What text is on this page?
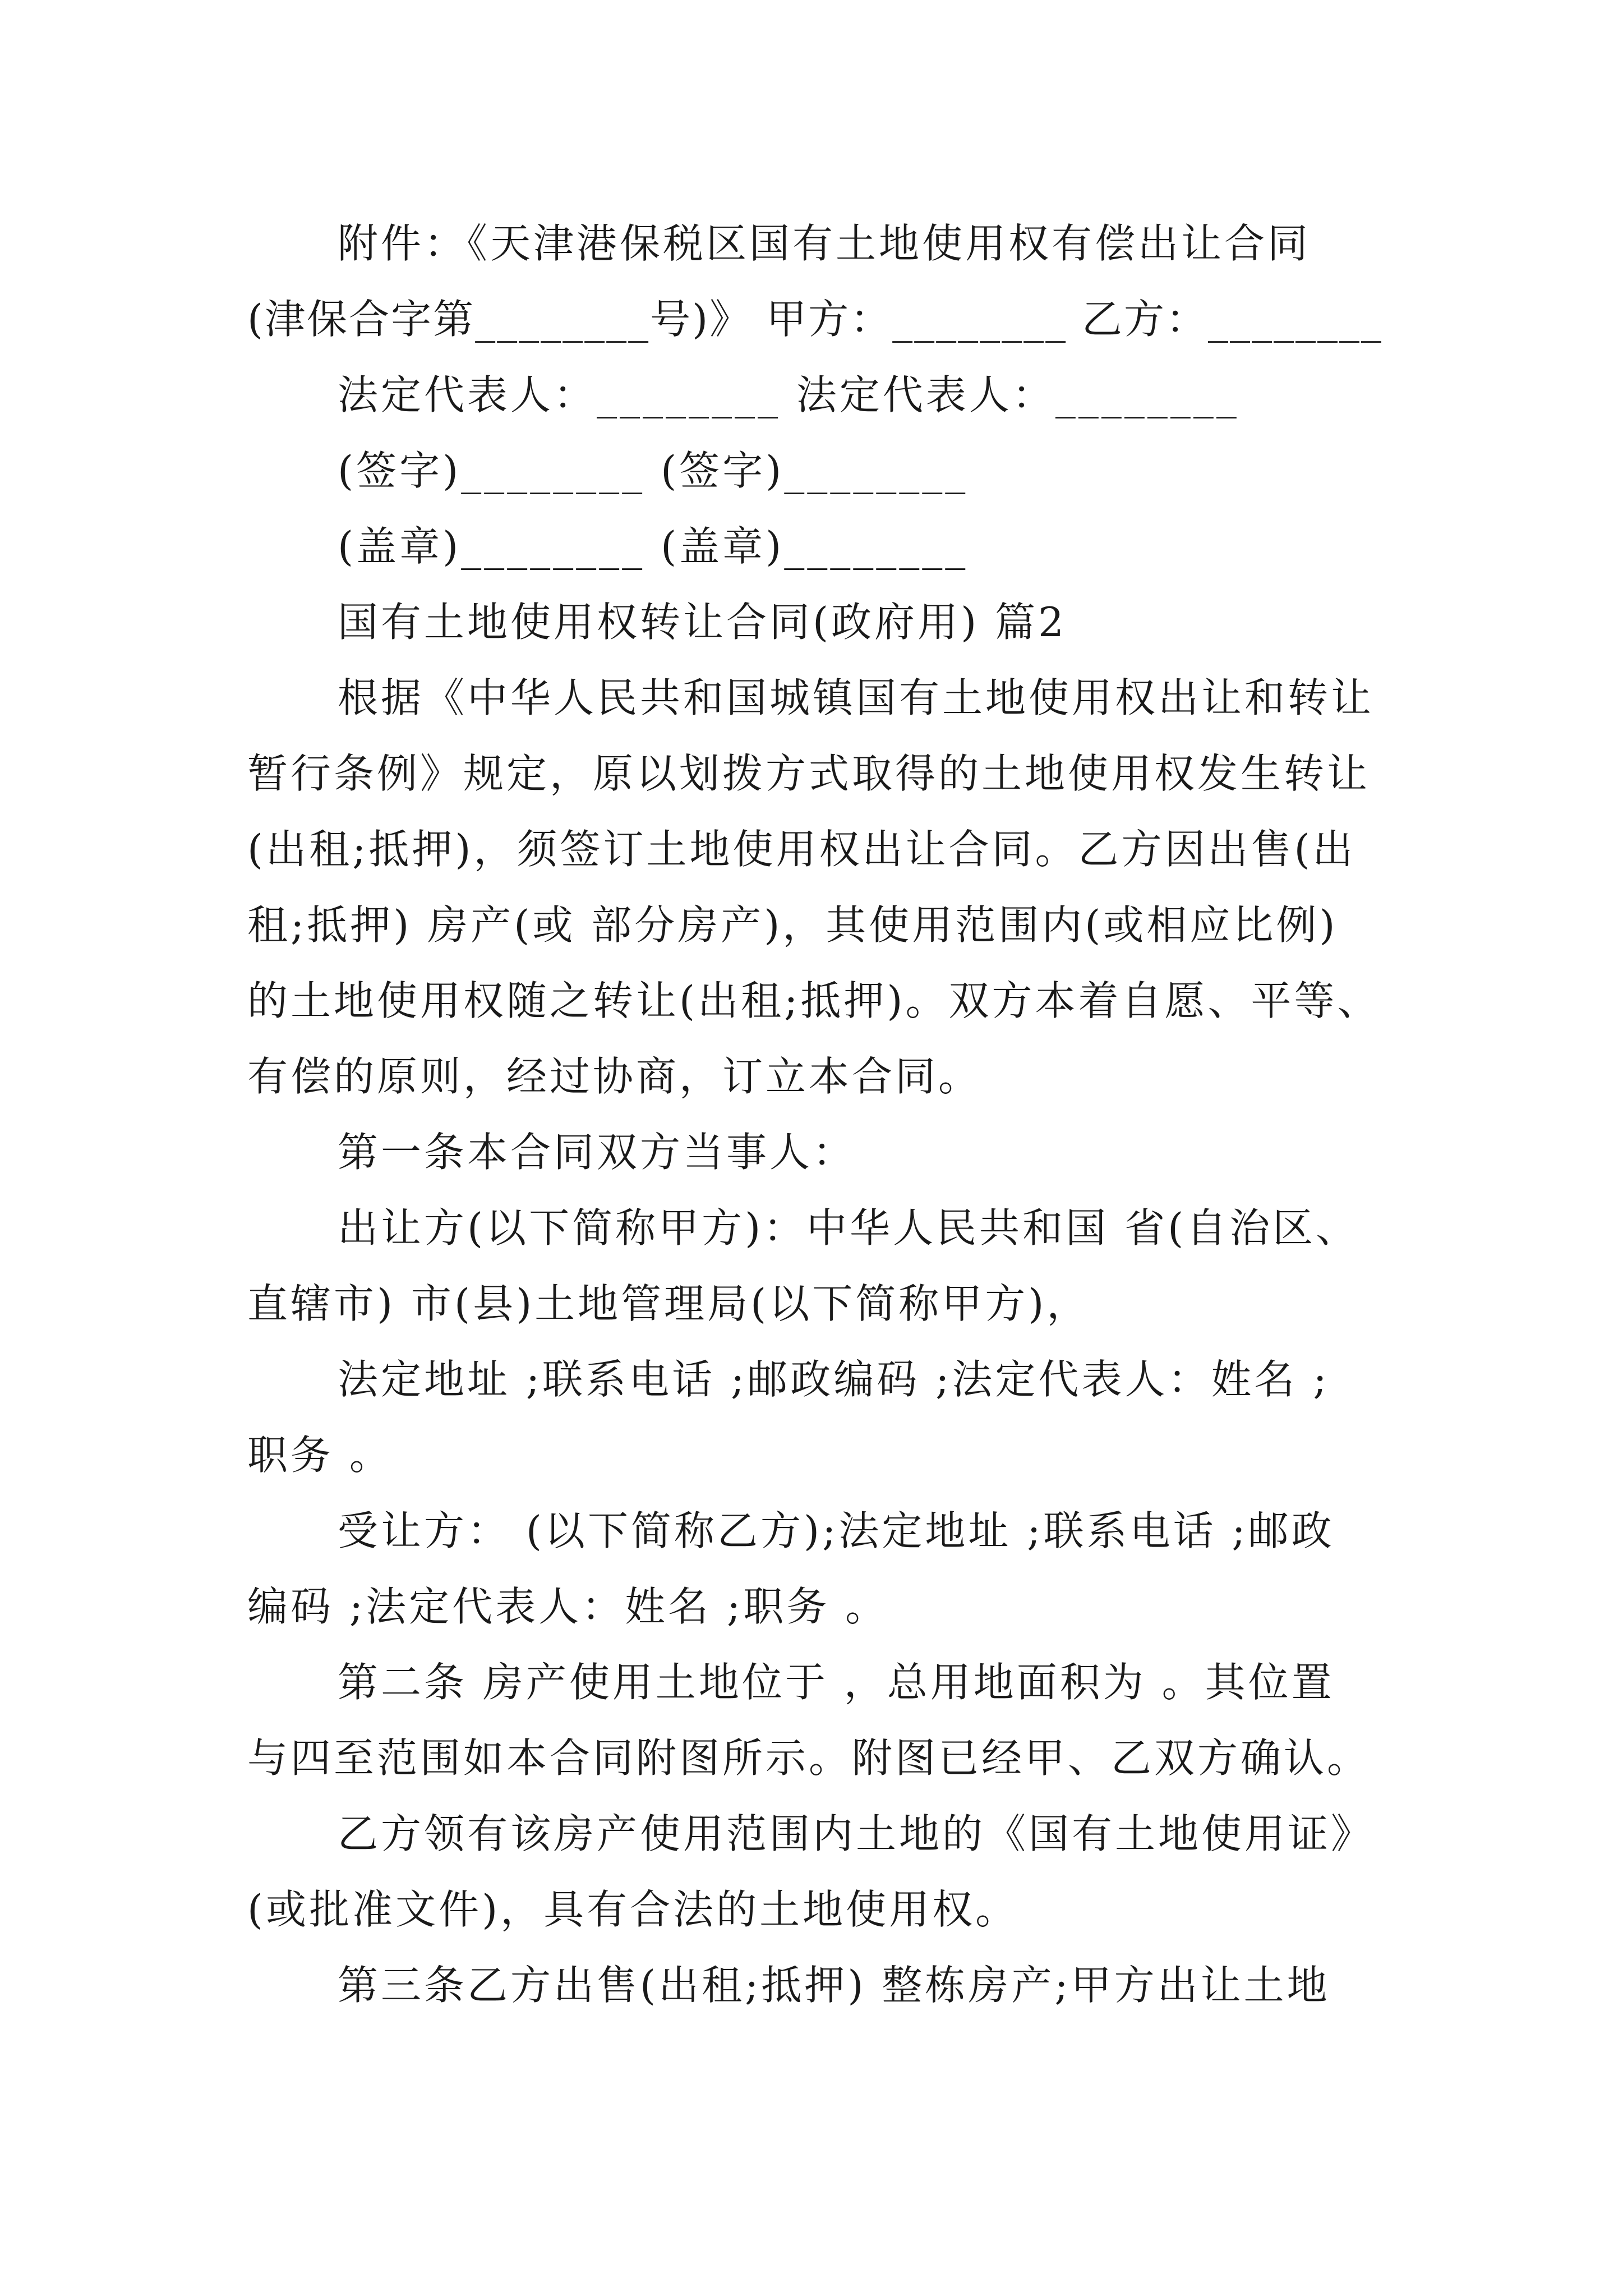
附件：《天津港保税区国有土地使用权有偿出让合同

(津保合字第________号)》 甲方：________ 乙方：________

法定代表人：________ 法定代表人：________

(签字)________ (签字)________

(盖章)________ (盖章)________

国有土地使用权转让合同(政府用) 篇2

根据《中华人民共和国城镇国有土地使用权出让和转让

暂行条例》规定，原以划拨方式取得的土地使用权发生转让

(出租;抵押)，须签订土地使用权出让合同。乙方因出售(出

租;抵押) 房产(或 部分房产)，其使用范围内(或相应比例)

的土地使用权随之转让(出租;抵押)。双方本着自愿、平等、

有偿的原则，经过协商，订立本合同。

第一条本合同双方当事人：

出让方(以下简称甲方)：中华人民共和国 省(自治区、

直辖市) 市(县)土地管理局(以下简称甲方)，

法定地址 ;联系电话 ;邮政编码 ;法定代表人：姓名 ;

职务 。

受让方： (以下简称乙方);法定地址 ;联系电话 ;邮政

编码 ;法定代表人：姓名 ;职务 。

第二条 房产使用土地位于 ，总用地面积为 。其位置

与四至范围如本合同附图所示。附图已经甲、乙双方确认。

乙方领有该房产使用范围内土地的《国有土地使用证》

(或批准文件)，具有合法的土地使用权。

第三条乙方出售(出租;抵押) 整栋房产;甲方出让土地
